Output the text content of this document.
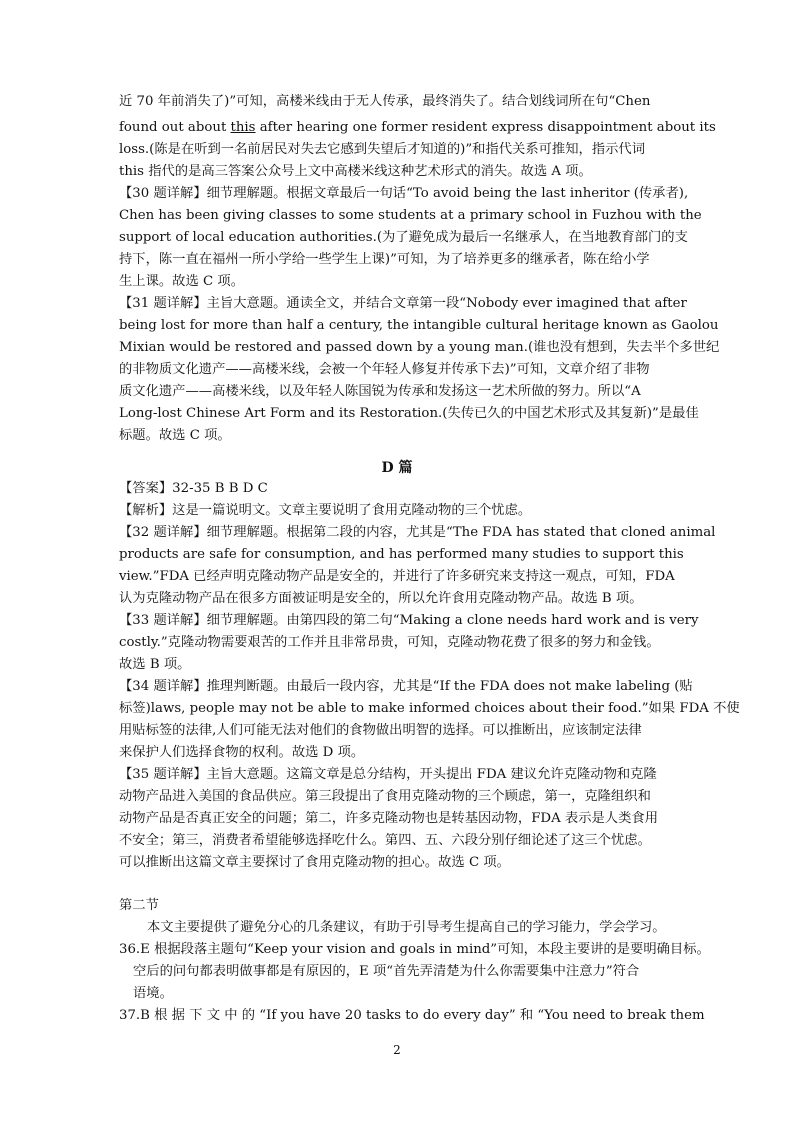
近 70 年前消失了)”可知，高楼米线由于无人传承，最终消失了。结合划线词所在句“Chen
found out about this after hearing one former resident express disappointment about its
loss.(陈是在听到一名前居民对失去它感到失望后才知道的)”和指代关系可推知，指示代词
this 指代的是高三答案公众号上文中高楼米线这种艺术形式的消失。故选 A 项。
【30 题详解】细节理解题。根据文章最后一句话“To avoid being the last inheritor (传承者),
Chen has been giving classes to some students at a primary school in Fuzhou with the
support of local education authorities.(为了避免成为最后一名继承人，在当地教育部门的支
持下，陈一直在福州一所小学给一些学生上课)”可知，为了培养更多的继承者，陈在给小学
生上课。故选 C 项。
【31 题详解】主旨大意题。通读全文，并结合文章第一段“Nobody ever imagined that after
being lost for more than half a century, the intangible cultural heritage known as Gaolou
Mixian would be restored and passed down by a young man.(谁也没有想到，失去半个多世纪
的非物质文化遗产——高楼米线，会被一个年轻人修复并传承下去)”可知，文章介绍了非物
质文化遗产——高楼米线，以及年轻人陈国锐为传承和发扬这一艺术所做的努力。所以“A
Long-lost Chinese Art Form and its Restoration.(失传已久的中国艺术形式及其复新)”是最佳
标题。故选 C 项。
D 篇
【答案】32-35 B B D C
【解析】这是一篇说明文。文章主要说明了食用克隆动物的三个忧虑。
【32 题详解】细节理解题。根据第二段的内容，尤其是“The FDA has stated that cloned animal
products are safe for consumption, and has performed many studies to support this
view.”FDA 已经声明克隆动物产品是安全的，并进行了许多研究来支持这一观点，可知，FDA
认为克隆动物产品在很多方面被证明是安全的，所以允许食用克隆动物产品。故选 B 项。
【33 题详解】细节理解题。由第四段的第二句“Making a clone needs hard work and is very
costly.”克隆动物需要艰苦的工作并且非常昂贵，可知，克隆动物花费了很多的努力和金钱。
故选 B 项。
【34 题详解】推理判断题。由最后一段内容，尤其是“If the FDA does not make labeling (贴
标签)laws, people may not be able to make informed choices about their food.”如果 FDA 不使
用贴标签的法律,人们可能无法对他们的食物做出明智的选择。可以推断出，应该制定法律
来保护人们选择食物的权利。故选 D 项。
【35 题详解】主旨大意题。这篇文章是总分结构，开头提出 FDA 建议允许克隆动物和克隆
动物产品进入美国的食品供应。第三段提出了食用克隆动物的三个顾虑，第一，克隆组织和
动物产品是否真正安全的问题；第二，许多克隆动物也是转基因动物，FDA 表示是人类食用
不安全；第三，消费者希望能够选择吃什么。第四、五、六段分别仔细论述了这三个忧虑。
可以推断出这篇文章主要探讨了食用克隆动物的担心。故选 C 项。
第二节
本文主要提供了避免分心的几条建议，有助于引导考生提高自己的学习能力，学会学习。
36.E 根据段落主题句“Keep your vision and goals in mind”可知，本段主要讲的是要明确目标。
空后的问句都表明做事都是有原因的，E 项“首先弄清楚为什么你需要集中注意力”符合
语境。
37.B 根 据 下 文 中 的 “If you have 20 tasks to do every day” 和 “You need to break them
2
